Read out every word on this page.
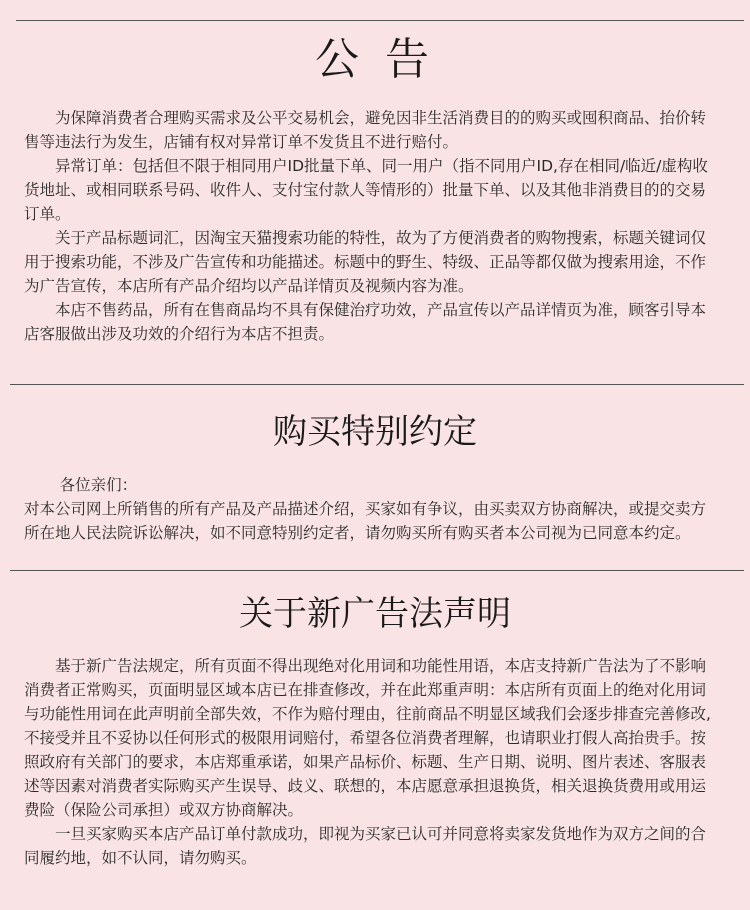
公 告

为保障消费者合理购买需求及公平交易机会，避免因非生活消费目的的购买或囤积商品、抬价转售等违法行为发生，店铺有权对异常订单不发货且不进行赔付。

异常订单：包括但不限于相同用户ID批量下单、同一用户（指不同用户ID,存在相同/临近/虚构收货地址、或相同联系号码、收件人、支付宝付款人等情形的）批量下单、以及其他非消费目的的交易订单。

关于产品标题词汇，因淘宝天猫搜索功能的特性，故为了方便消费者的购物搜索，标题关键词仅用于搜索功能，不涉及广告宣传和功能描述。标题中的野生、特级、正品等都仅做为搜索用途，不作为广告宣传，本店所有产品介绍均以产品详情页及视频内容为准。

本店不售药品，所有在售商品均不具有保健治疗功效，产品宣传以产品详情页为准，顾客引导本店客服做出涉及功效的介绍行为本店不担责。

购买特别约定
各位亲们：
对本公司网上所销售的所有产品及产品描述介绍，买家如有争议，由买卖双方协商解决，或提交卖方所在地人民法院诉讼解决，如不同意特别约定者，请勿购买所有购买者本公司视为已同意本约定。
关于新广告法声明

基于新广告法规定，所有页面不得出现绝对化用词和功能性用语，本店支持新广告法为了不影响消费者正常购买，页面明显区域本店已在排查修改，并在此郑重声明：本店所有页面上的绝对化用词与功能性用词在此声明前全部失效，不作为赔付理由，往前商品不明显区域我们会逐步排查完善修改,不接受并且不妥协以任何形式的极限用词赔付，希望各位消费者理解，也请职业打假人高抬贵手。按照政府有关部门的要求，本店郑重承诺，如果产品标价、标题、生产日期、说明、图片表述、客服表述等因素对消费者实际购买产生误导、歧义、联想的，本店愿意承担退换货，相关退换货费用或用运费险（保险公司承担）或双方协商解决。

一旦买家购买本店产品订单付款成功，即视为买家已认可并同意将卖家发货地作为双方之间的合同履约地，如不认同，请勿购买。
